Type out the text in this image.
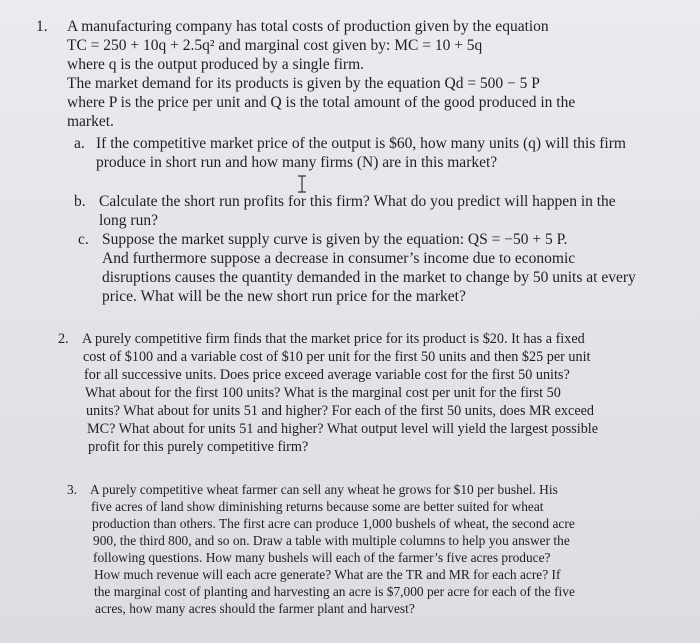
1. A manufacturing company has total costs of production given by the equation
TC = 250 + 10q + 2.5q² and marginal cost given by: MC = 10 + 5q
where q is the output produced by a single firm.
The market demand for its products is given by the equation Qd = 500 − 5 P
where P is the price per unit and Q is the total amount of the good produced in the
market.
a. If the competitive market price of the output is $60, how many units (q) will this firm
produce in short run and how many firms (N) are in this market?
b. Calculate the short run profits for this firm? What do you predict will happen in the
long run?
c. Suppose the market supply curve is given by the equation: QS = −50 + 5 P.
And furthermore suppose a decrease in consumer’s income due to economic
disruptions causes the quantity demanded in the market to change by 50 units at every
price. What will be the new short run price for the market?
2. A purely competitive firm finds that the market price for its product is $20. It has a fixed
cost of $100 and a variable cost of $10 per unit for the first 50 units and then $25 per unit
for all successive units. Does price exceed average variable cost for the first 50 units?
What about for the first 100 units? What is the marginal cost per unit for the first 50
units? What about for units 51 and higher? For each of the first 50 units, does MR exceed
MC? What about for units 51 and higher? What output level will yield the largest possible
profit for this purely competitive firm?
3. A purely competitive wheat farmer can sell any wheat he grows for $10 per bushel. His
five acres of land show diminishing returns because some are better suited for wheat
production than others. The first acre can produce 1,000 bushels of wheat, the second acre
900, the third 800, and so on. Draw a table with multiple columns to help you answer the
following questions. How many bushels will each of the farmer’s five acres produce?
How much revenue will each acre generate? What are the TR and MR for each acre? If
the marginal cost of planting and harvesting an acre is $7,000 per acre for each of the five
acres, how many acres should the farmer plant and harvest?
